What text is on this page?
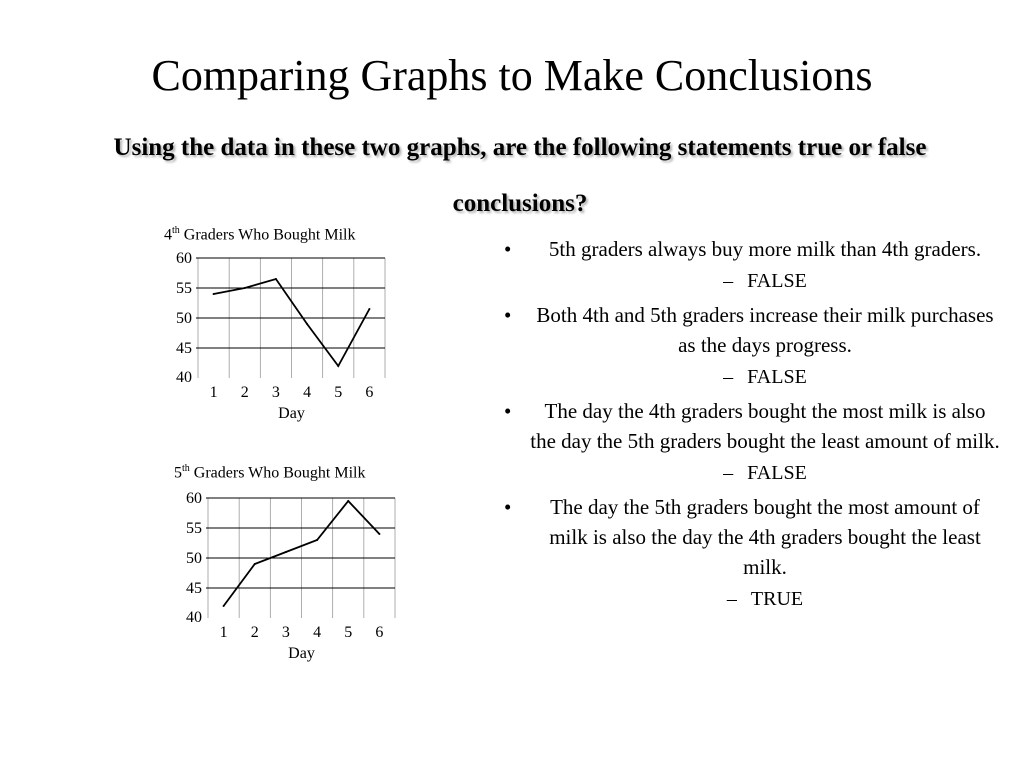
Comparing Graphs to Make Conclusions
Using the data in these two graphs, are the following statements true or false conclusions?
4th Graders Who Bought Milk
40
45
50
55
60
1 2 3 4 5 6
Day
5th Graders Who Bought Milk
40
45
50
55
60
1 2 3 4 5 6
Day
• 5th graders always buy more milk than 4th graders.
– FALSE
• Both 4th and 5th graders increase their milk purchases as the days progress.
– FALSE
• The day the 4th graders bought the most milk is also the day the 5th graders bought the least amount of milk.
– FALSE
• The day the 5th graders bought the most amount of milk is also the day the 4th graders bought the least milk.
– TRUE
